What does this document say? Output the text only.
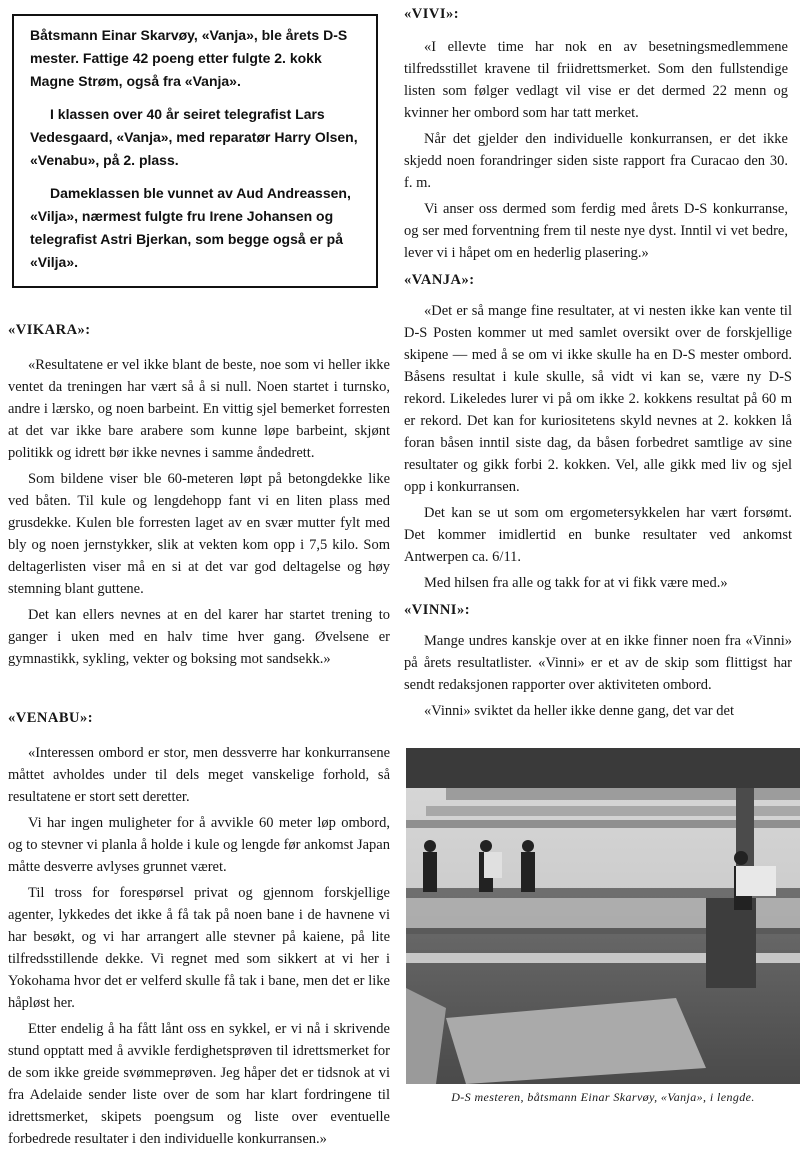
Båtsmann Einar Skarvøy, «Vanja», ble årets D-S mester. Fattige 42 poeng etter fulgte 2. kokk Magne Strøm, også fra «Vanja».

I klassen over 40 år seiret telegrafist Lars Vedesgaard, «Vanja», med reparatør Harry Olsen, «Venabu», på 2. plass.

Dameklassen ble vunnet av Aud Andreassen, «Vilja», nærmest fulgte fru Irene Johansen og telegrafist Astri Bjerkan, som begge også er på «Vilja».

«VIKARA»:

«Resultatene er vel ikke blant de beste, noe som vi heller ikke ventet da treningen har vært så å si null. Noen startet i turnsko, andre i lærsko, og noen barbeint. En vittig sjel bemerket forresten at det var ikke bare arabere som kunne løpe barbeint, skjønt politikk og idrett bør ikke nevnes i samme åndedrett.

Som bildene viser ble 60-meteren løpt på betongdekke like ved båten. Til kule og lengdehopp fant vi en liten plass med grusdekke. Kulen ble forresten laget av en svær mutter fylt med bly og noen jernstykker, slik at vekten kom opp i 7,5 kilo. Som deltagerlisten viser må en si at det var god deltagelse og høy stemning blant guttene.

Det kan ellers nevnes at en del karer har startet trening to ganger i uken med en halv time hver gang. Øvelsene er gymnastikk, sykling, vekter og boksing mot sandsekk.»

«VENABU»:

«Interessen ombord er stor, men dessverre har konkurransene måttet avholdes under til dels meget vanskelige forhold, så resultatene er stort sett deretter.

Vi har ingen muligheter for å avvikle 60 meter løp ombord, og to stevner vi planla å holde i kule og lengde før ankomst Japan måtte desverre avlyses grunnet været.

Til tross for forespørsel privat og gjennom forskjellige agenter, lykkedes det ikke å få tak på noen bane i de havnene vi har besøkt, og vi har arrangert alle stevner på kaiene, på lite tilfredsstillende dekke. Vi regnet med som sikkert at vi her i Yokohama hvor det er velferd skulle få tak i bane, men det er like håpløst her.

Etter endelig å ha fått lånt oss en sykkel, er vi nå i skrivende stund opptatt med å avvikle ferdighetsprøven til idrettsmerket for de som ikke greide svømmeprøven. Jeg håper det er tidsnok at vi fra Adelaide sender liste over de som har klart fordringene til idrettsmerket, skipets poengsum og liste over eventuelle forbedrede resultater i den individuelle konkurransen.»

«VIVI»:

«I ellevte time har nok en av besetningsmedlemmene tilfredsstillet kravene til friidrettsmerket. Som den fullstendige listen som følger vedlagt vil vise er det dermed 22 menn og kvinner her ombord som har tatt merket.

Når det gjelder den individuelle konkurransen, er det ikke skjedd noen forandringer siden siste rapport fra Curacao den 30. f. m.

Vi anser oss dermed som ferdig med årets D-S konkurranse, og ser med forventning frem til neste nye dyst. Inntil vi vet bedre, lever vi i håpet om en hederlig plasering.»

«VANJA»:

«Det er så mange fine resultater, at vi nesten ikke kan vente til D-S Posten kommer ut med samlet oversikt over de forskjellige skipene — med å se om vi ikke skulle ha en D-S mester ombord. Båsens resultat i kule skulle, så vidt vi kan se, være ny D-S rekord. Likeledes lurer vi på om ikke 2. kokkens resultat på 60 m er rekord. Det kan for kuriositetens skyld nevnes at 2. kokken lå foran båsen inntil siste dag, da båsen forbedret samtlige av sine resultater og gikk forbi 2. kokken. Vel, alle gikk med liv og sjel opp i konkurransen.

Det kan se ut som om ergometersykkelen har vært forsømt. Det kommer imidlertid en bunke resultater ved ankomst Antwerpen ca. 6/11.

Med hilsen fra alle og takk for at vi fikk være med.»

«VINNI»:

Mange undres kanskje over at en ikke finner noen fra «Vinni» på årets resultatlister. «Vinni» er et av de skip som flittigst har sendt redaksjonen rapporter over aktiviteten ombord.

«Vinni» sviktet da heller ikke denne gang, det var det

D-S mesteren, båtsmann Einar Skarvøy, «Vanja», i lengde.
